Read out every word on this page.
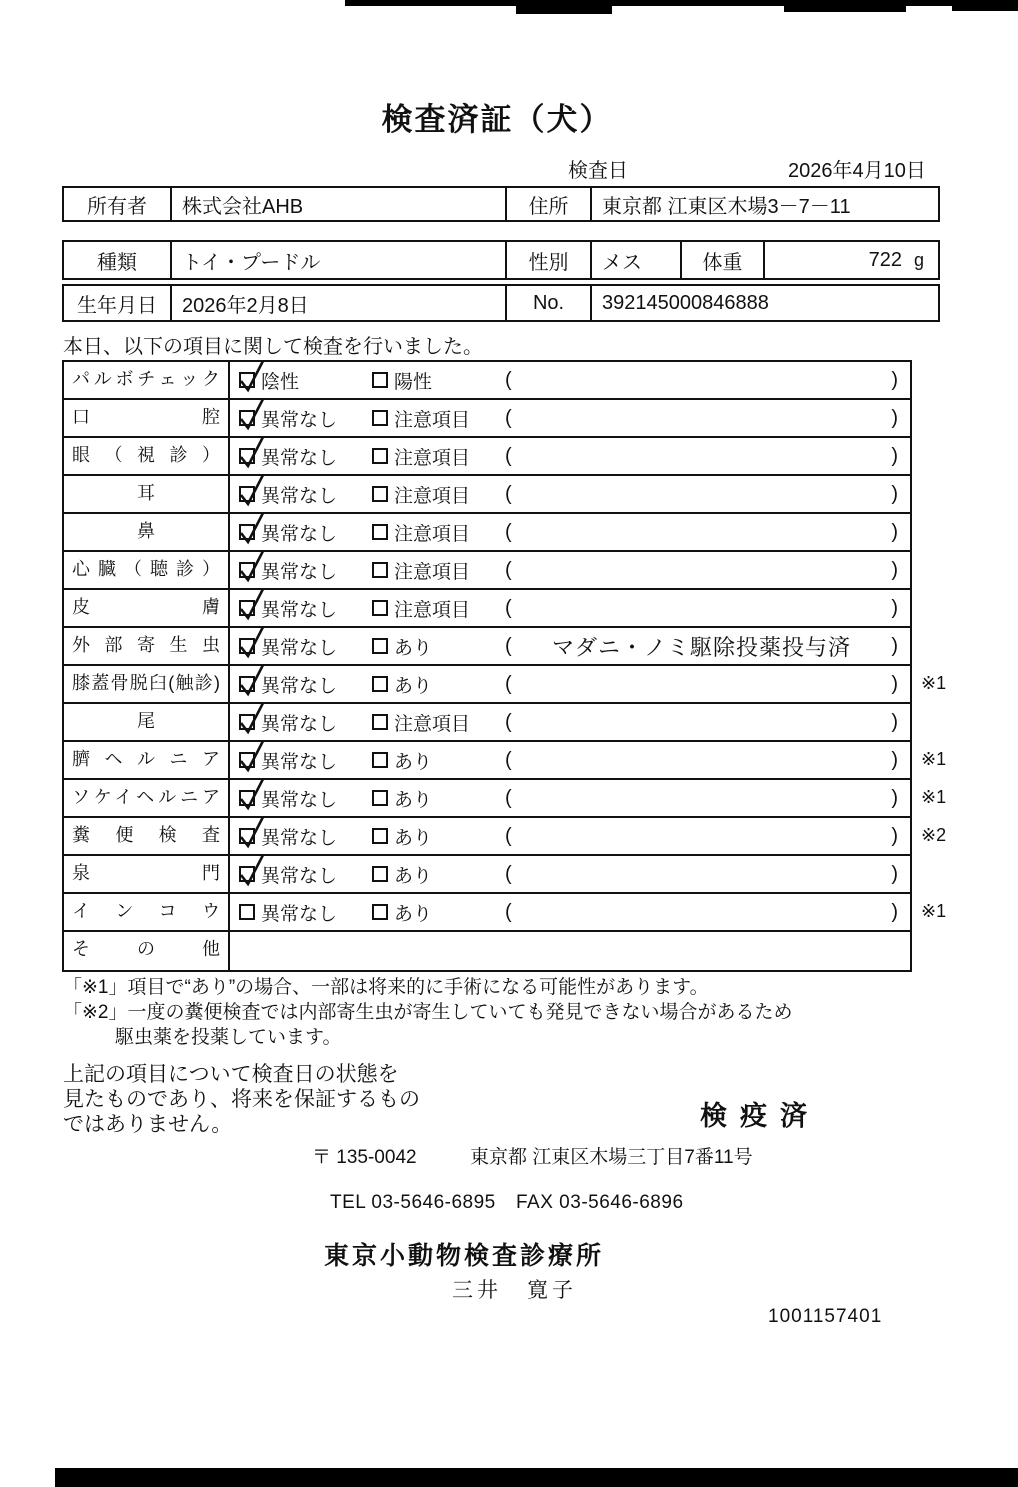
検査済証（犬）
検査日	2026年4月10日
所有者	株式会社AHB	住所	東京都 江東区木場3－7－11
種類	トイ・プードル	性別	メス	体重	722 g
生年月日	2026年2月8日	No.	392145000846888
本日、以下の項目に関して検査を行いました。
パルボチェック	陰性	陽性	(	)
口腔	異常なし	注意項目 (	)
眼（視診）	異常なし	注意項目 (	)
耳	異常なし	注意項目 (	)
鼻	異常なし	注意項目 (	)
心臓（聴診）	異常なし	注意項目 (	)
皮膚	異常なし	注意項目 (	)
外部寄生虫	異常なし	あり	(	マダニ・ノミ駆除投薬投与済	)
膝蓋骨脱臼(触診)	異常なし	あり	(	) ※1
尾	異常なし	注意項目 (	)
臍ヘルニア	異常なし	あり	(	) ※1
ソケイヘルニア	異常なし	あり	(	) ※1
糞便検査	異常なし	あり	(	) ※2
泉門	異常なし	あり	(	)
インコウ	異常なし	あり	(	) ※1
その他
「※1」項目で“あり”の場合、一部は将来的に手術になる可能性があります。
「※2」一度の糞便検査では内部寄生虫が寄生していても発見できない場合があるため
駆虫薬を投薬しています。
上記の項目について検査日の状態を
見たものであり、将来を保証するもの
ではありません。	検疫済
〒 135-0042	東京都 江東区木場三丁目7番11号
TEL 03-5646-6895 FAX 03-5646-6896
東京小動物検査診療所
三井　寛子
1001157401
